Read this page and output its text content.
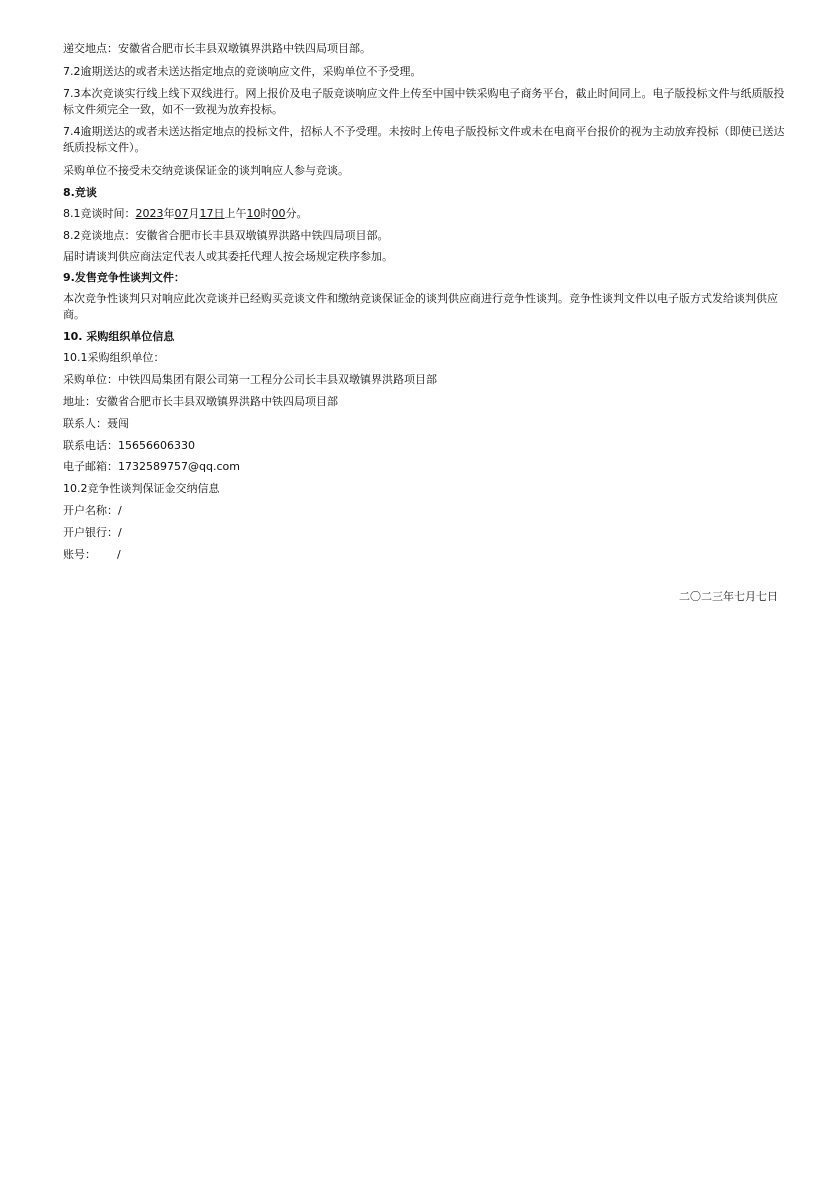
递交地点：安徽省合肥市长丰县双墩镇界洪路中铁四局项目部。
7.2逾期送达的或者未送达指定地点的竞谈响应文件，采购单位不予受理。
7.3本次竞谈实行线上线下双线进行。网上报价及电子版竞谈响应文件上传至中国中铁采购电子商务平台，截止时间同上。电子版投标文件与纸质版投标文件须完全一致，如不一致视为放弃投标。
7.4逾期送达的或者未送达指定地点的投标文件，招标人不予受理。未按时上传电子版投标文件或未在电商平台报价的视为主动放弃投标（即使已送达纸质投标文件）。
采购单位不接受未交纳竞谈保证金的谈判响应人参与竞谈。
8.竞谈
8.1竞谈时间：2023年07月17日上午10时00分。
8.2竞谈地点：安徽省合肥市长丰县双墩镇界洪路中铁四局项目部。
届时请谈判供应商法定代表人或其委托代理人按会场规定秩序参加。
9.发售竞争性谈判文件：
本次竞争性谈判只对响应此次竞谈并已经购买竞谈文件和缴纳竞谈保证金的谈判供应商进行竞争性谈判。竞争性谈判文件以电子版方式发给谈判供应商。
10. 采购组织单位信息
10.1采购组织单位：
采购单位：中铁四局集团有限公司第一工程分公司长丰县双墩镇界洪路项目部
地址：安徽省合肥市长丰县双墩镇界洪路中铁四局项目部
联系人：聂闯
联系电话：15656606330
电子邮箱：1732589757@qq.com
10.2竞争性谈判保证金交纳信息
开户名称：/
开户银行：/
账号：      /
二〇二三年七月七日
